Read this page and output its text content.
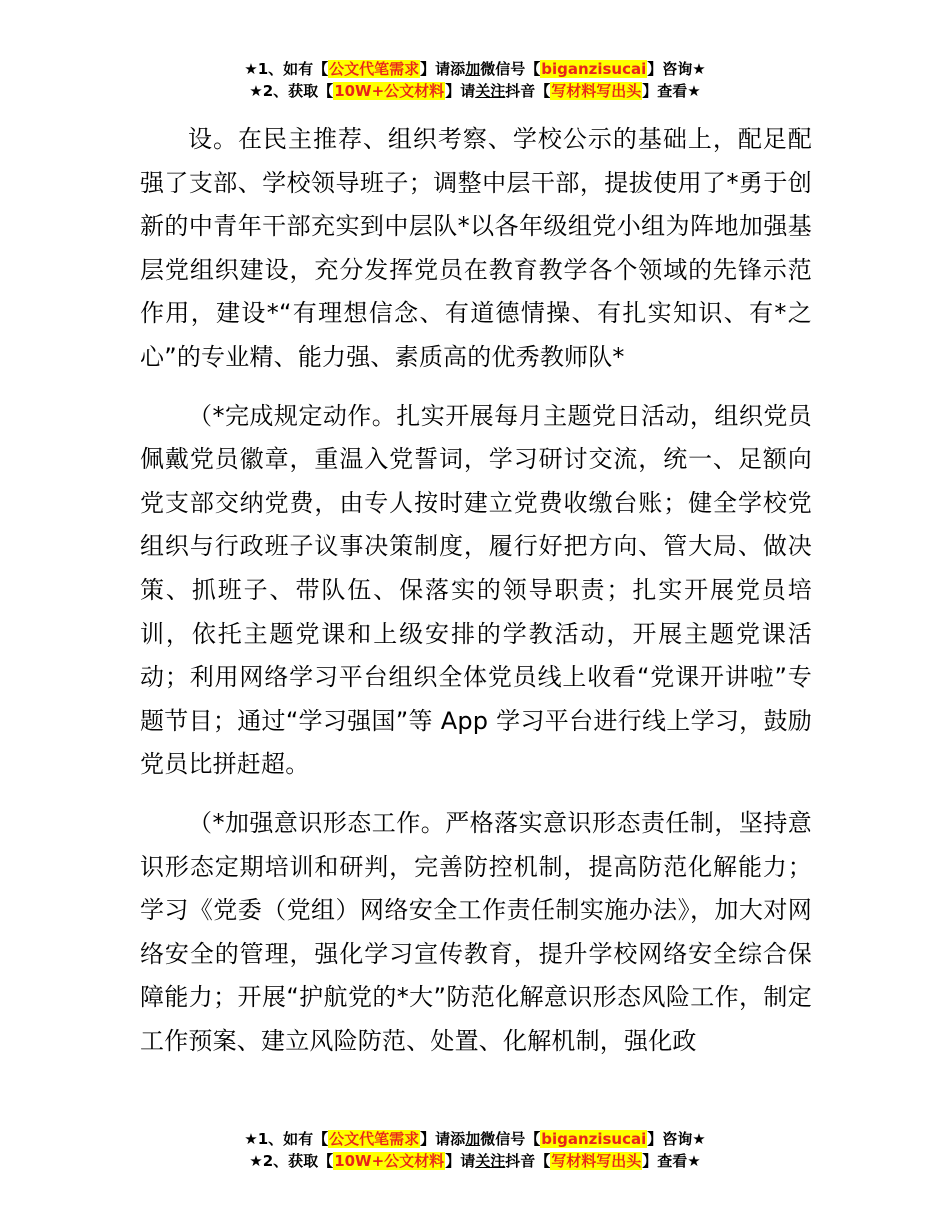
★1、如有【公文代笔需求】请添加微信号【biganzisucai】咨询★
★2、获取【10W+公文材料】请关注抖音【写材料写出头】查看★

设。在民主推荐、组织考察、学校公示的基础上，配足配强了支部、学校领导班子；调整中层干部，提拔使用了*勇于创新的中青年干部充实到中层队*以各年级组党小组为阵地加强基层党组织建设，充分发挥党员在教育教学各个领域的先锋示范作用，建设*“有理想信念、有道德情操、有扎实知识、有*之心”的专业精、能力强、素质高的优秀教师队*

（*完成规定动作。扎实开展每月主题党日活动，组织党员佩戴党员徽章，重温入党誓词，学习研讨交流，统一、足额向党支部交纳党费，由专人按时建立党费收缴台账；健全学校党组织与行政班子议事决策制度，履行好把方向、管大局、做决策、抓班子、带队伍、保落实的领导职责；扎实开展党员培训，依托主题党课和上级安排的学教活动，开展主题党课活动；利用网络学习平台组织全体党员线上收看“党课开讲啦”专题节目；通过“学习强国”等 App 学习平台进行线上学习，鼓励党员比拼赶超。

（*加强意识形态工作。严格落实意识形态责任制，坚持意识形态定期培训和研判，完善防控机制，提高防范化解能力；学习《党委（党组）网络安全工作责任制实施办法》，加大对网络安全的管理，强化学习宣传教育，提升学校网络安全综合保障能力；开展“护航党的*大”防范化解意识形态风险工作，制定工作预案、建立风险防范、处置、化解机制，强化政

★1、如有【公文代笔需求】请添加微信号【biganzisucai】咨询★
★2、获取【10W+公文材料】请关注抖音【写材料写出头】查看★
